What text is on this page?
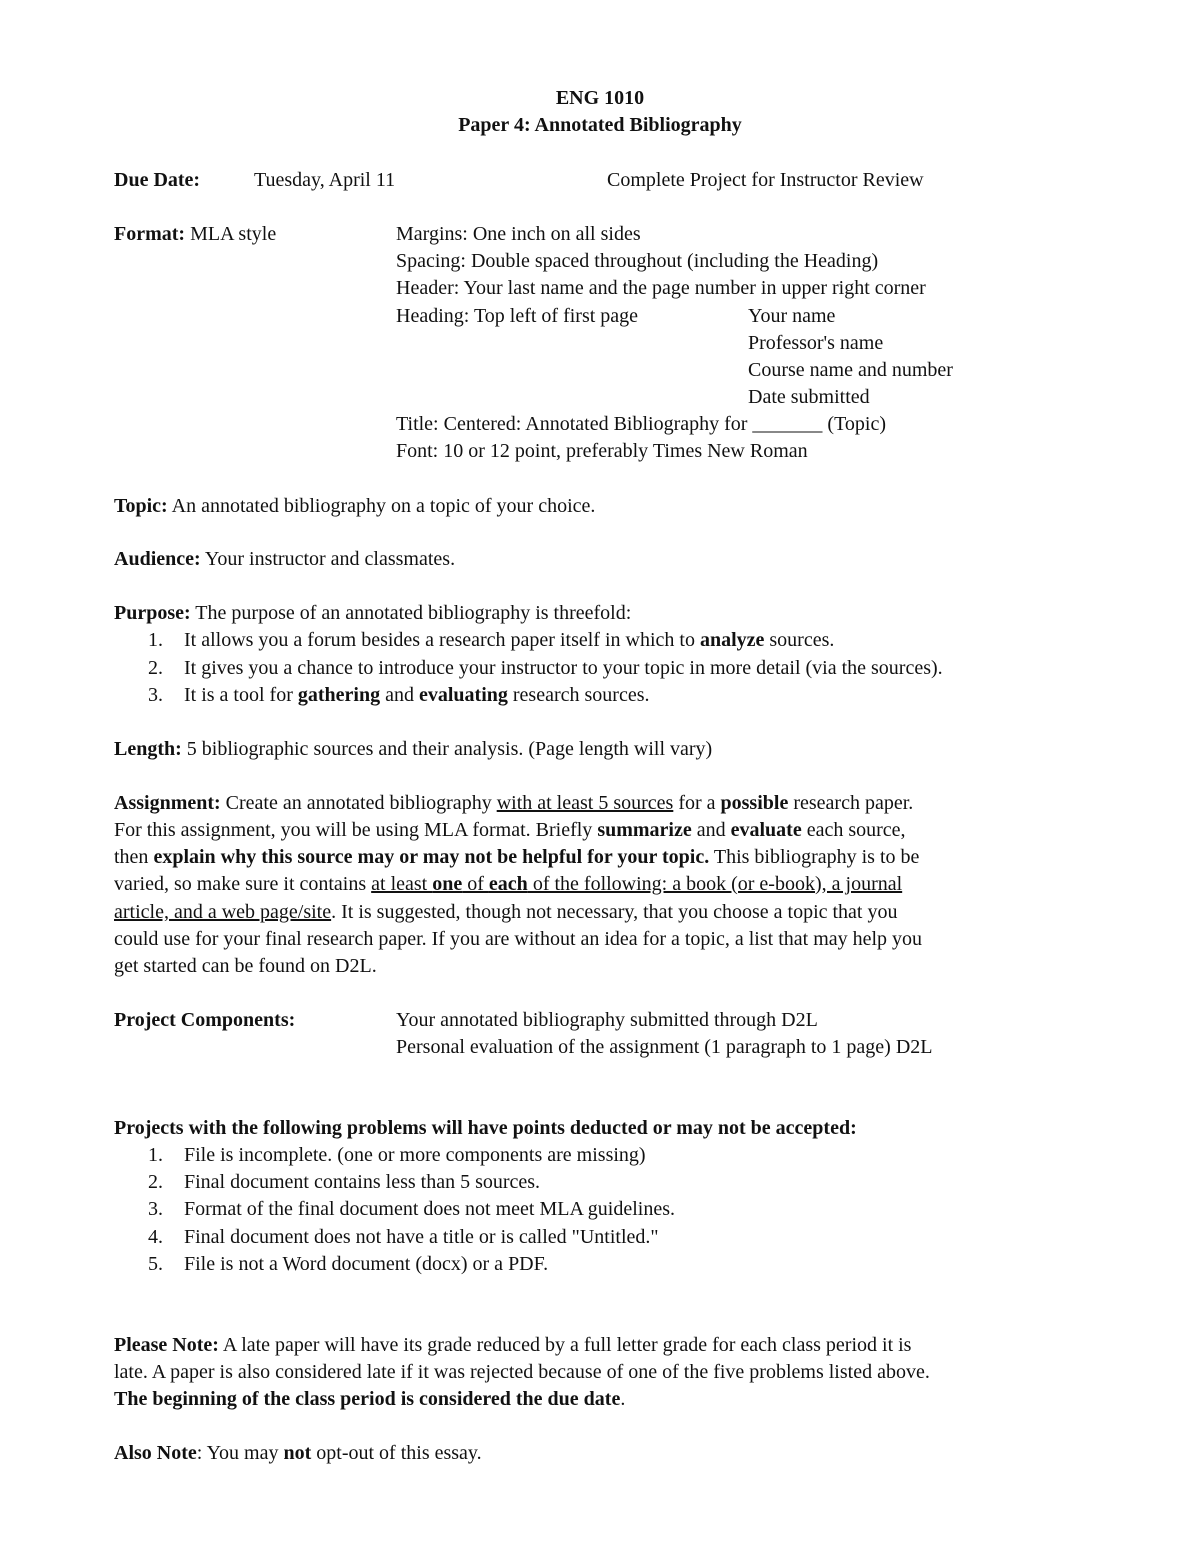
ENG 1010
Paper 4: Annotated Bibliography
Due Date:	Tuesday, April 11	Complete Project for Instructor Review
Format: MLA style	Margins: One inch on all sides
Spacing: Double spaced throughout (including the Heading)
Header: Your last name and the page number in upper right corner
Heading: Top left of first page	Your name
Professor's name
Course name and number
Date submitted
Title: Centered: Annotated Bibliography for _______ (Topic)
Font: 10 or 12 point, preferably Times New Roman
Topic: An annotated bibliography on a topic of your choice.
Audience: Your instructor and classmates.
Purpose: The purpose of an annotated bibliography is threefold:
1. It allows you a forum besides a research paper itself in which to analyze sources.
2. It gives you a chance to introduce your instructor to your topic in more detail (via the sources).
3. It is a tool for gathering and evaluating research sources.
Length: 5 bibliographic sources and their analysis. (Page length will vary)
Assignment: Create an annotated bibliography with at least 5 sources for a possible research paper.
For this assignment, you will be using MLA format. Briefly summarize and evaluate each source,
then explain why this source may or may not be helpful for your topic. This bibliography is to be
varied, so make sure it contains at least one of each of the following: a book (or e-book), a journal
article, and a web page/site. It is suggested, though not necessary, that you choose a topic that you
could use for your final research paper. If you are without an idea for a topic, a list that may help you
get started can be found on D2L.
Project Components:	Your annotated bibliography submitted through D2L
Personal evaluation of the assignment (1 paragraph to 1 page) D2L
Projects with the following problems will have points deducted or may not be accepted:
1. File is incomplete. (one or more components are missing)
2. Final document contains less than 5 sources.
3. Format of the final document does not meet MLA guidelines.
4. Final document does not have a title or is called "Untitled."
5. File is not a Word document (docx) or a PDF.
Please Note: A late paper will have its grade reduced by a full letter grade for each class period it is
late. A paper is also considered late if it was rejected because of one of the five problems listed above.
The beginning of the class period is considered the due date.
Also Note: You may not opt-out of this essay.
